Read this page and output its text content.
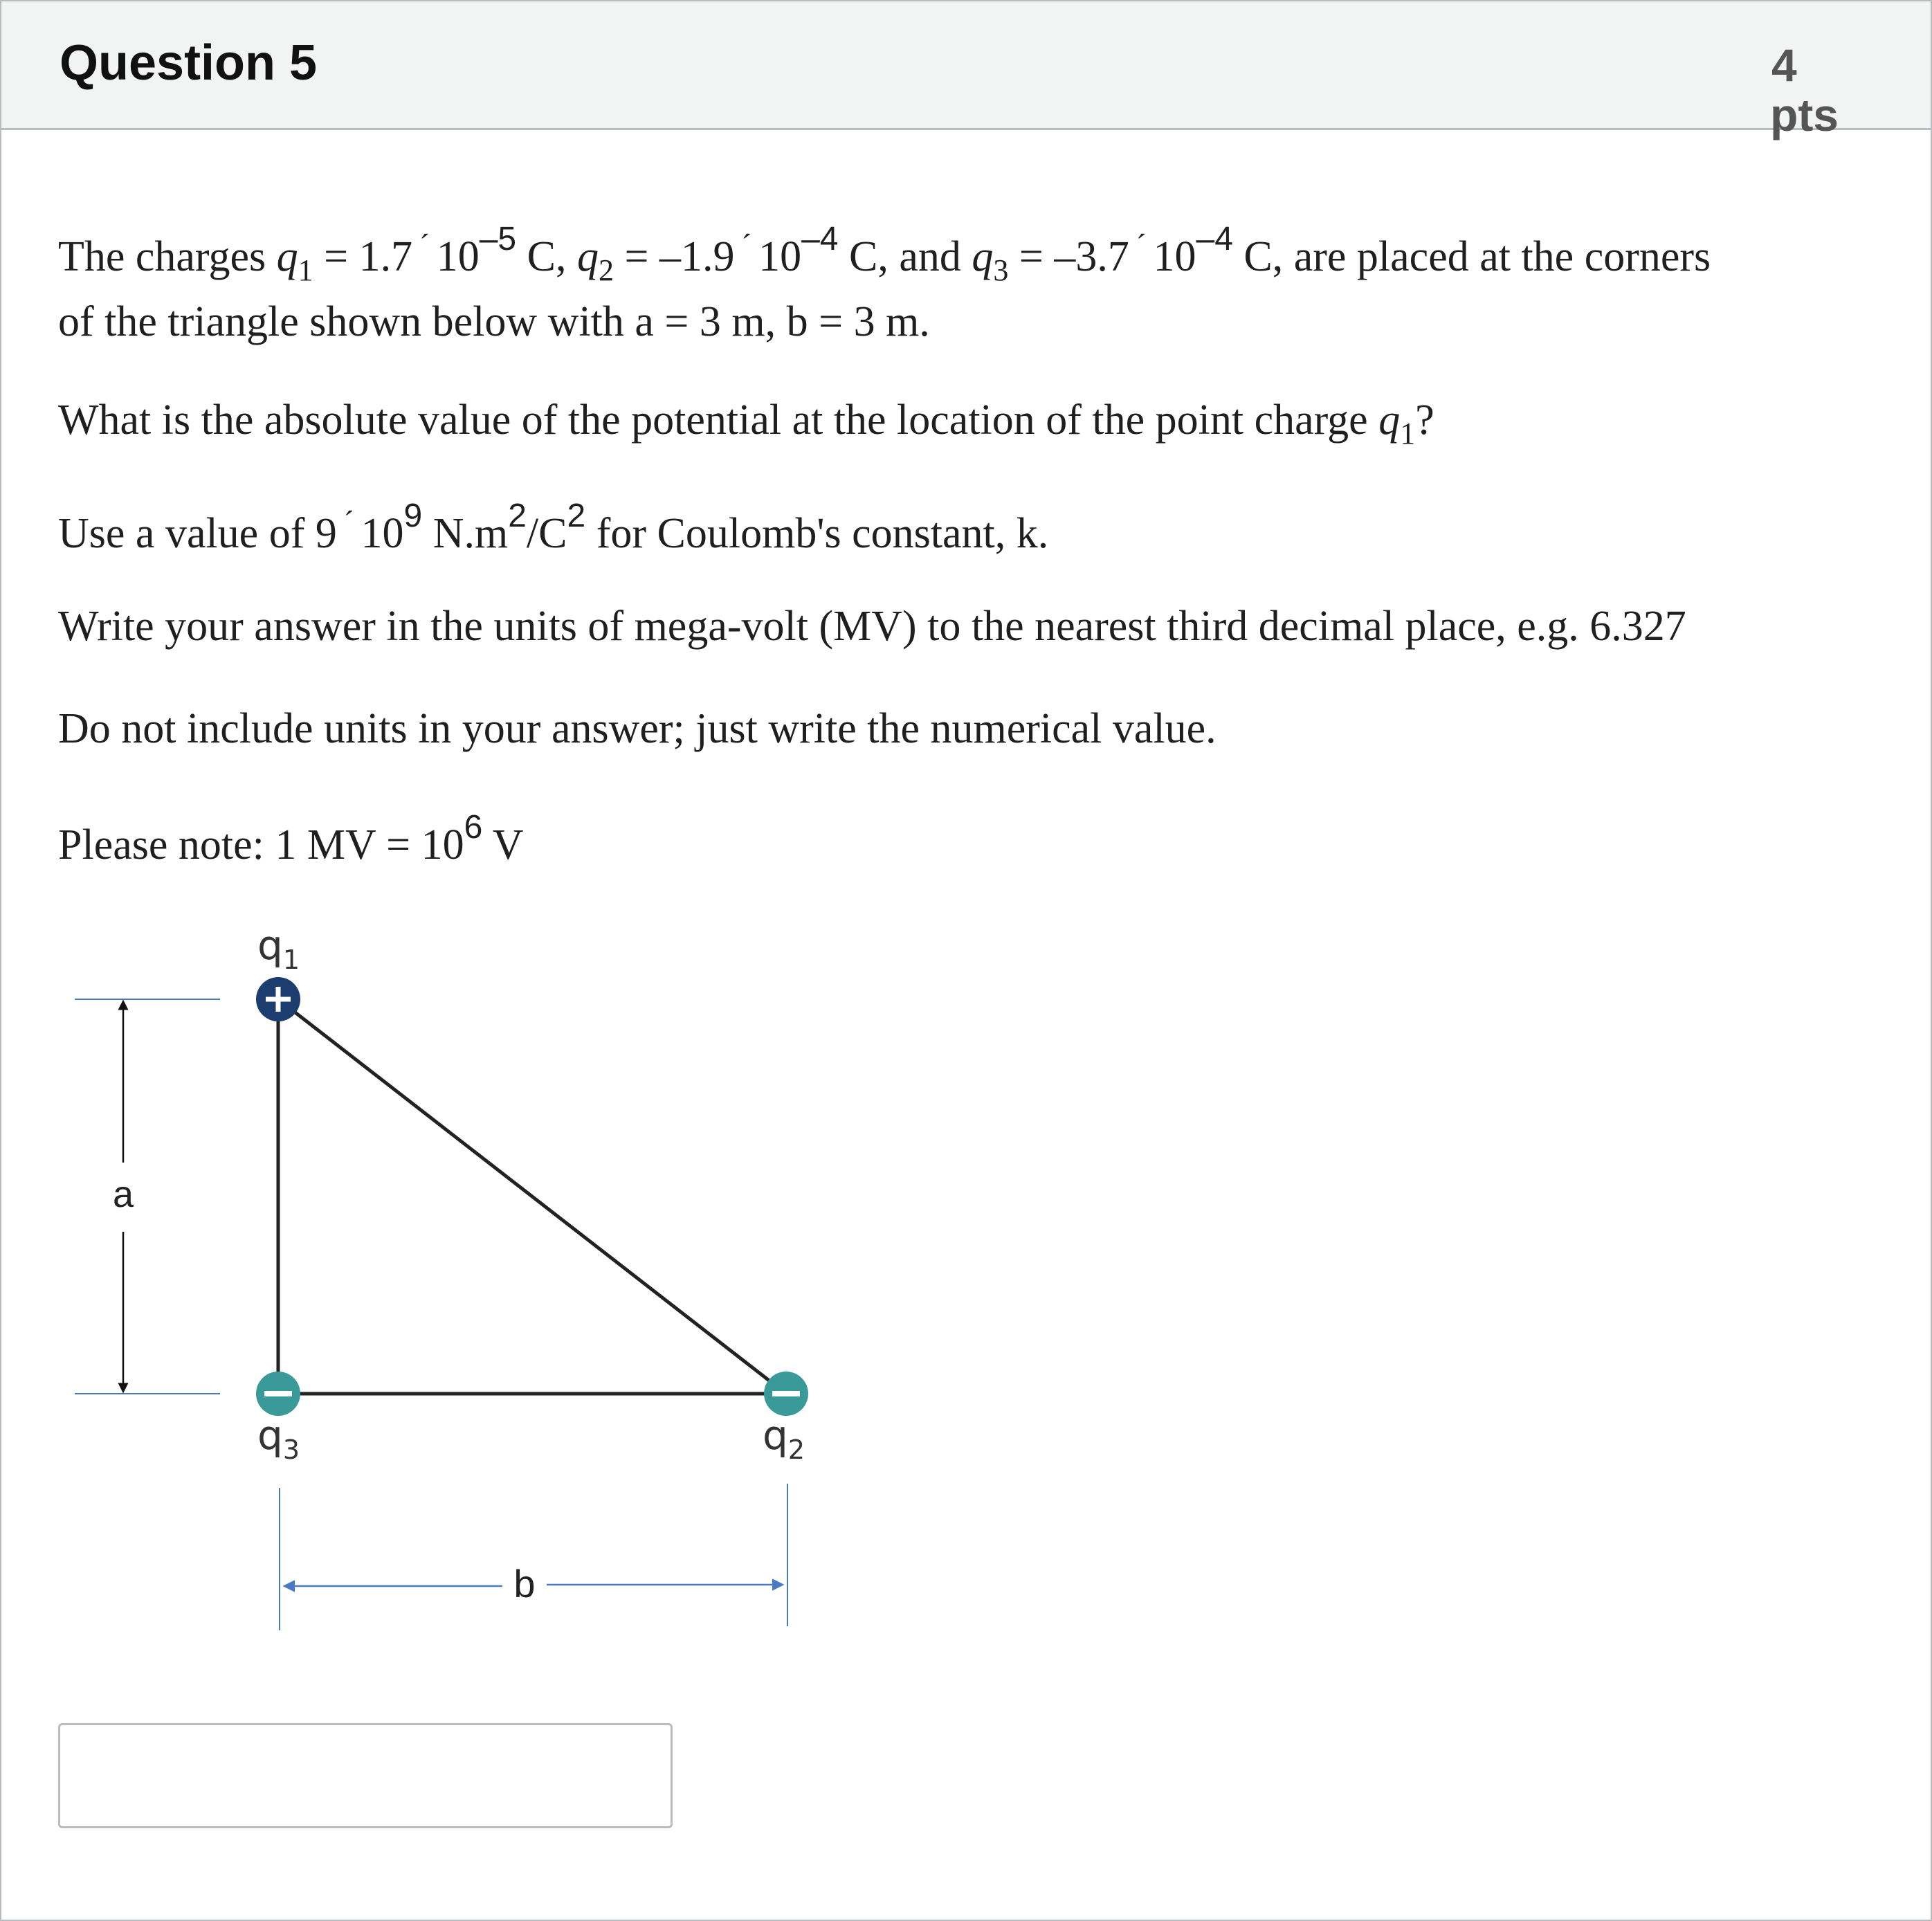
Question 5	4
pts
The charges $q_1 = 1.7$ ´ $10^{-5}$ C, $q_2 = -1.9$ ´ $10^{-4}$ C, and $q_3 = -3.7$ ´ $10^{-4}$ C, are placed at the corners
of the triangle shown below with a = 3 m, b = 3 m.
What is the absolute value of the potential at the location of the point charge $q_1$?
Use a value of 9 ´ $10^9$ $N.m^2/C^2$ for Coulomb's constant, k.
Write your answer in the units of mega-volt (MV) to the nearest third decimal place, e.g. 6.327
Do not include units in your answer; just write the numerical value.
Please note: 1 MV = $10^6$ V
a
$q_1$
$q_3$	$q_2$
b
